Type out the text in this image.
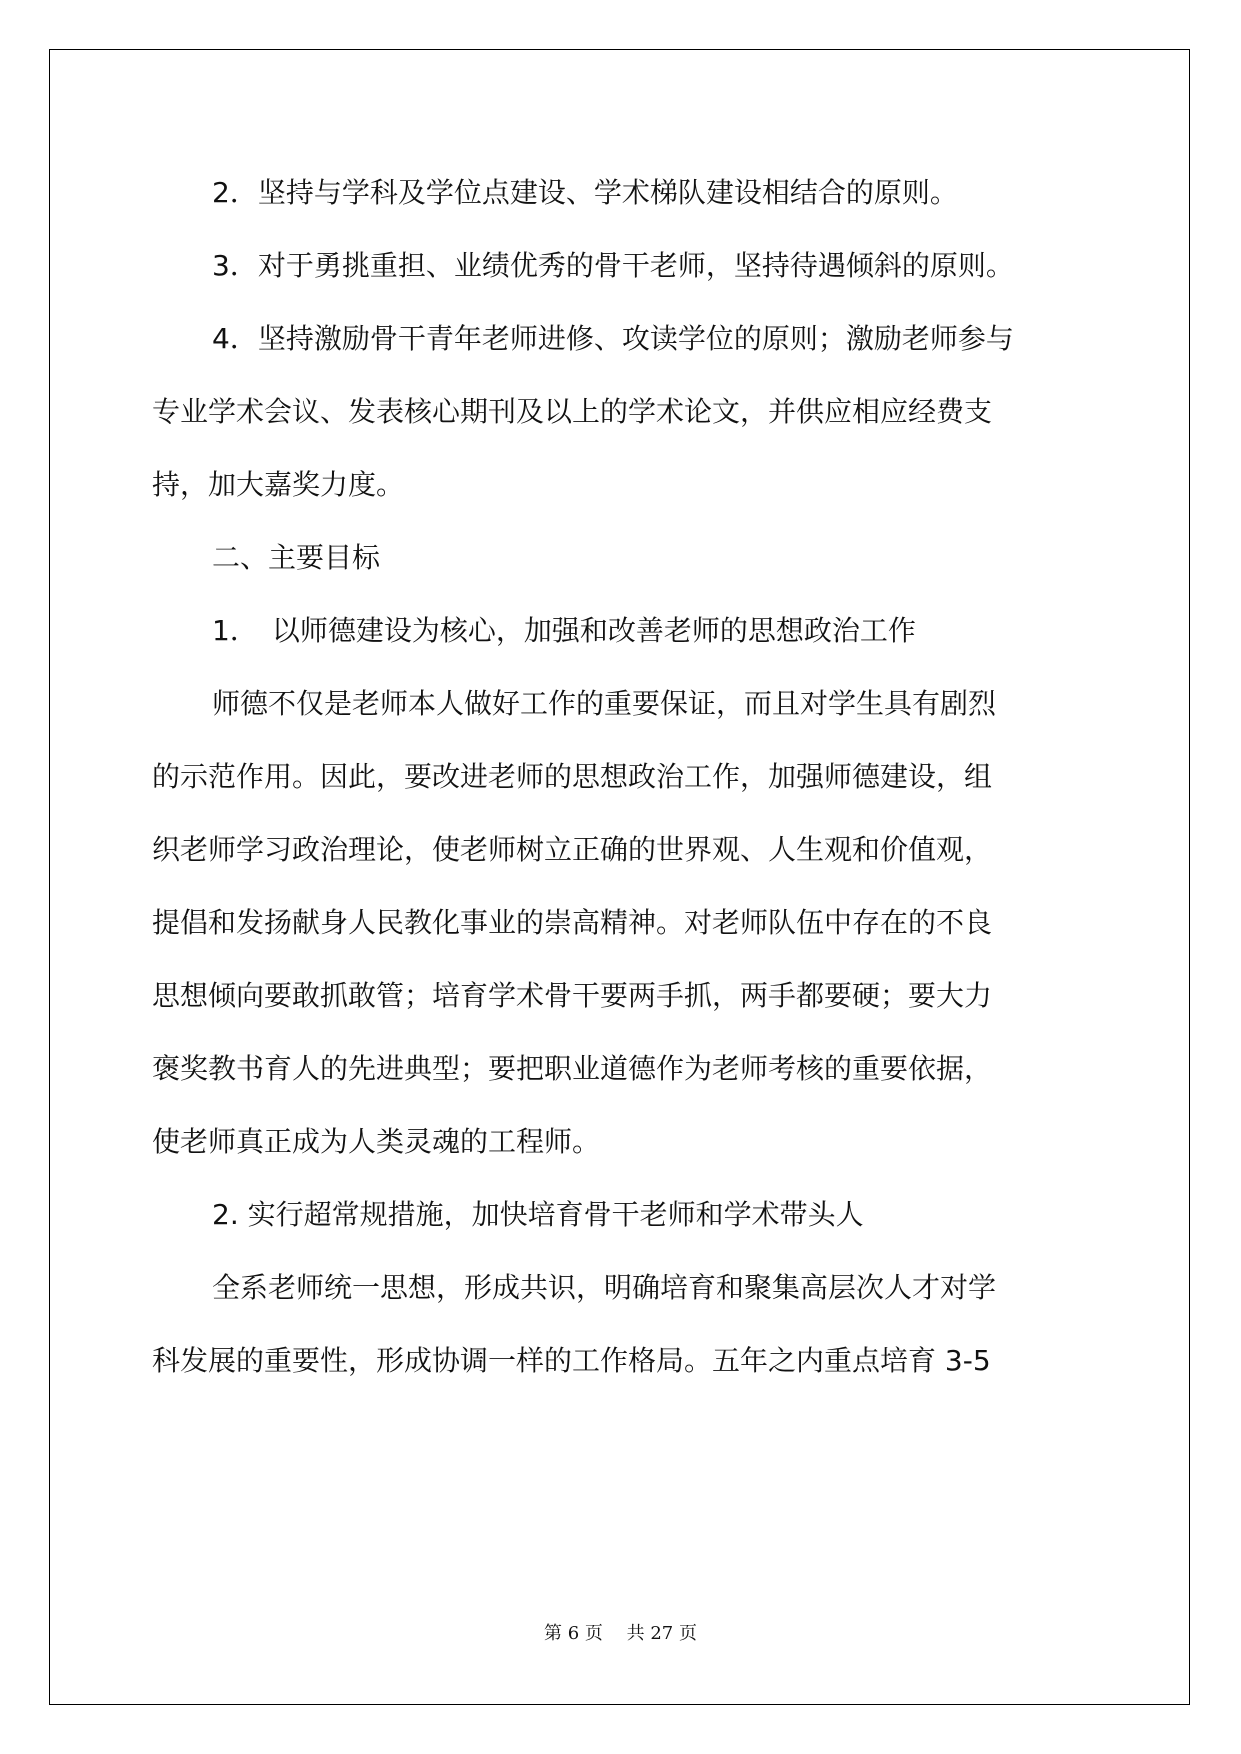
2．坚持与学科及学位点建设、学术梯队建设相结合的原则。
3．对于勇挑重担、业绩优秀的骨干老师，坚持待遇倾斜的原则。
4．坚持激励骨干青年老师进修、攻读学位的原则；激励老师参与
专业学术会议、发表核心期刊及以上的学术论文，并供应相应经费支
持，加大嘉奖力度。
二、主要目标
1．　以师德建设为核心，加强和改善老师的思想政治工作
师德不仅是老师本人做好工作的重要保证，而且对学生具有剧烈
的示范作用。因此，要改进老师的思想政治工作，加强师德建设，组
织老师学习政治理论，使老师树立正确的世界观、人生观和价值观，
提倡和发扬献身人民教化事业的崇高精神。对老师队伍中存在的不良
思想倾向要敢抓敢管；培育学术骨干要两手抓，两手都要硬；要大力
褒奖教书育人的先进典型；要把职业道德作为老师考核的重要依据，
使老师真正成为人类灵魂的工程师。
2. 实行超常规措施，加快培育骨干老师和学术带头人
全系老师统一思想，形成共识，明确培育和聚集高层次人才对学
科发展的重要性，形成协调一样的工作格局。五年之内重点培育 3-5
第 6 页　 共 27 页
